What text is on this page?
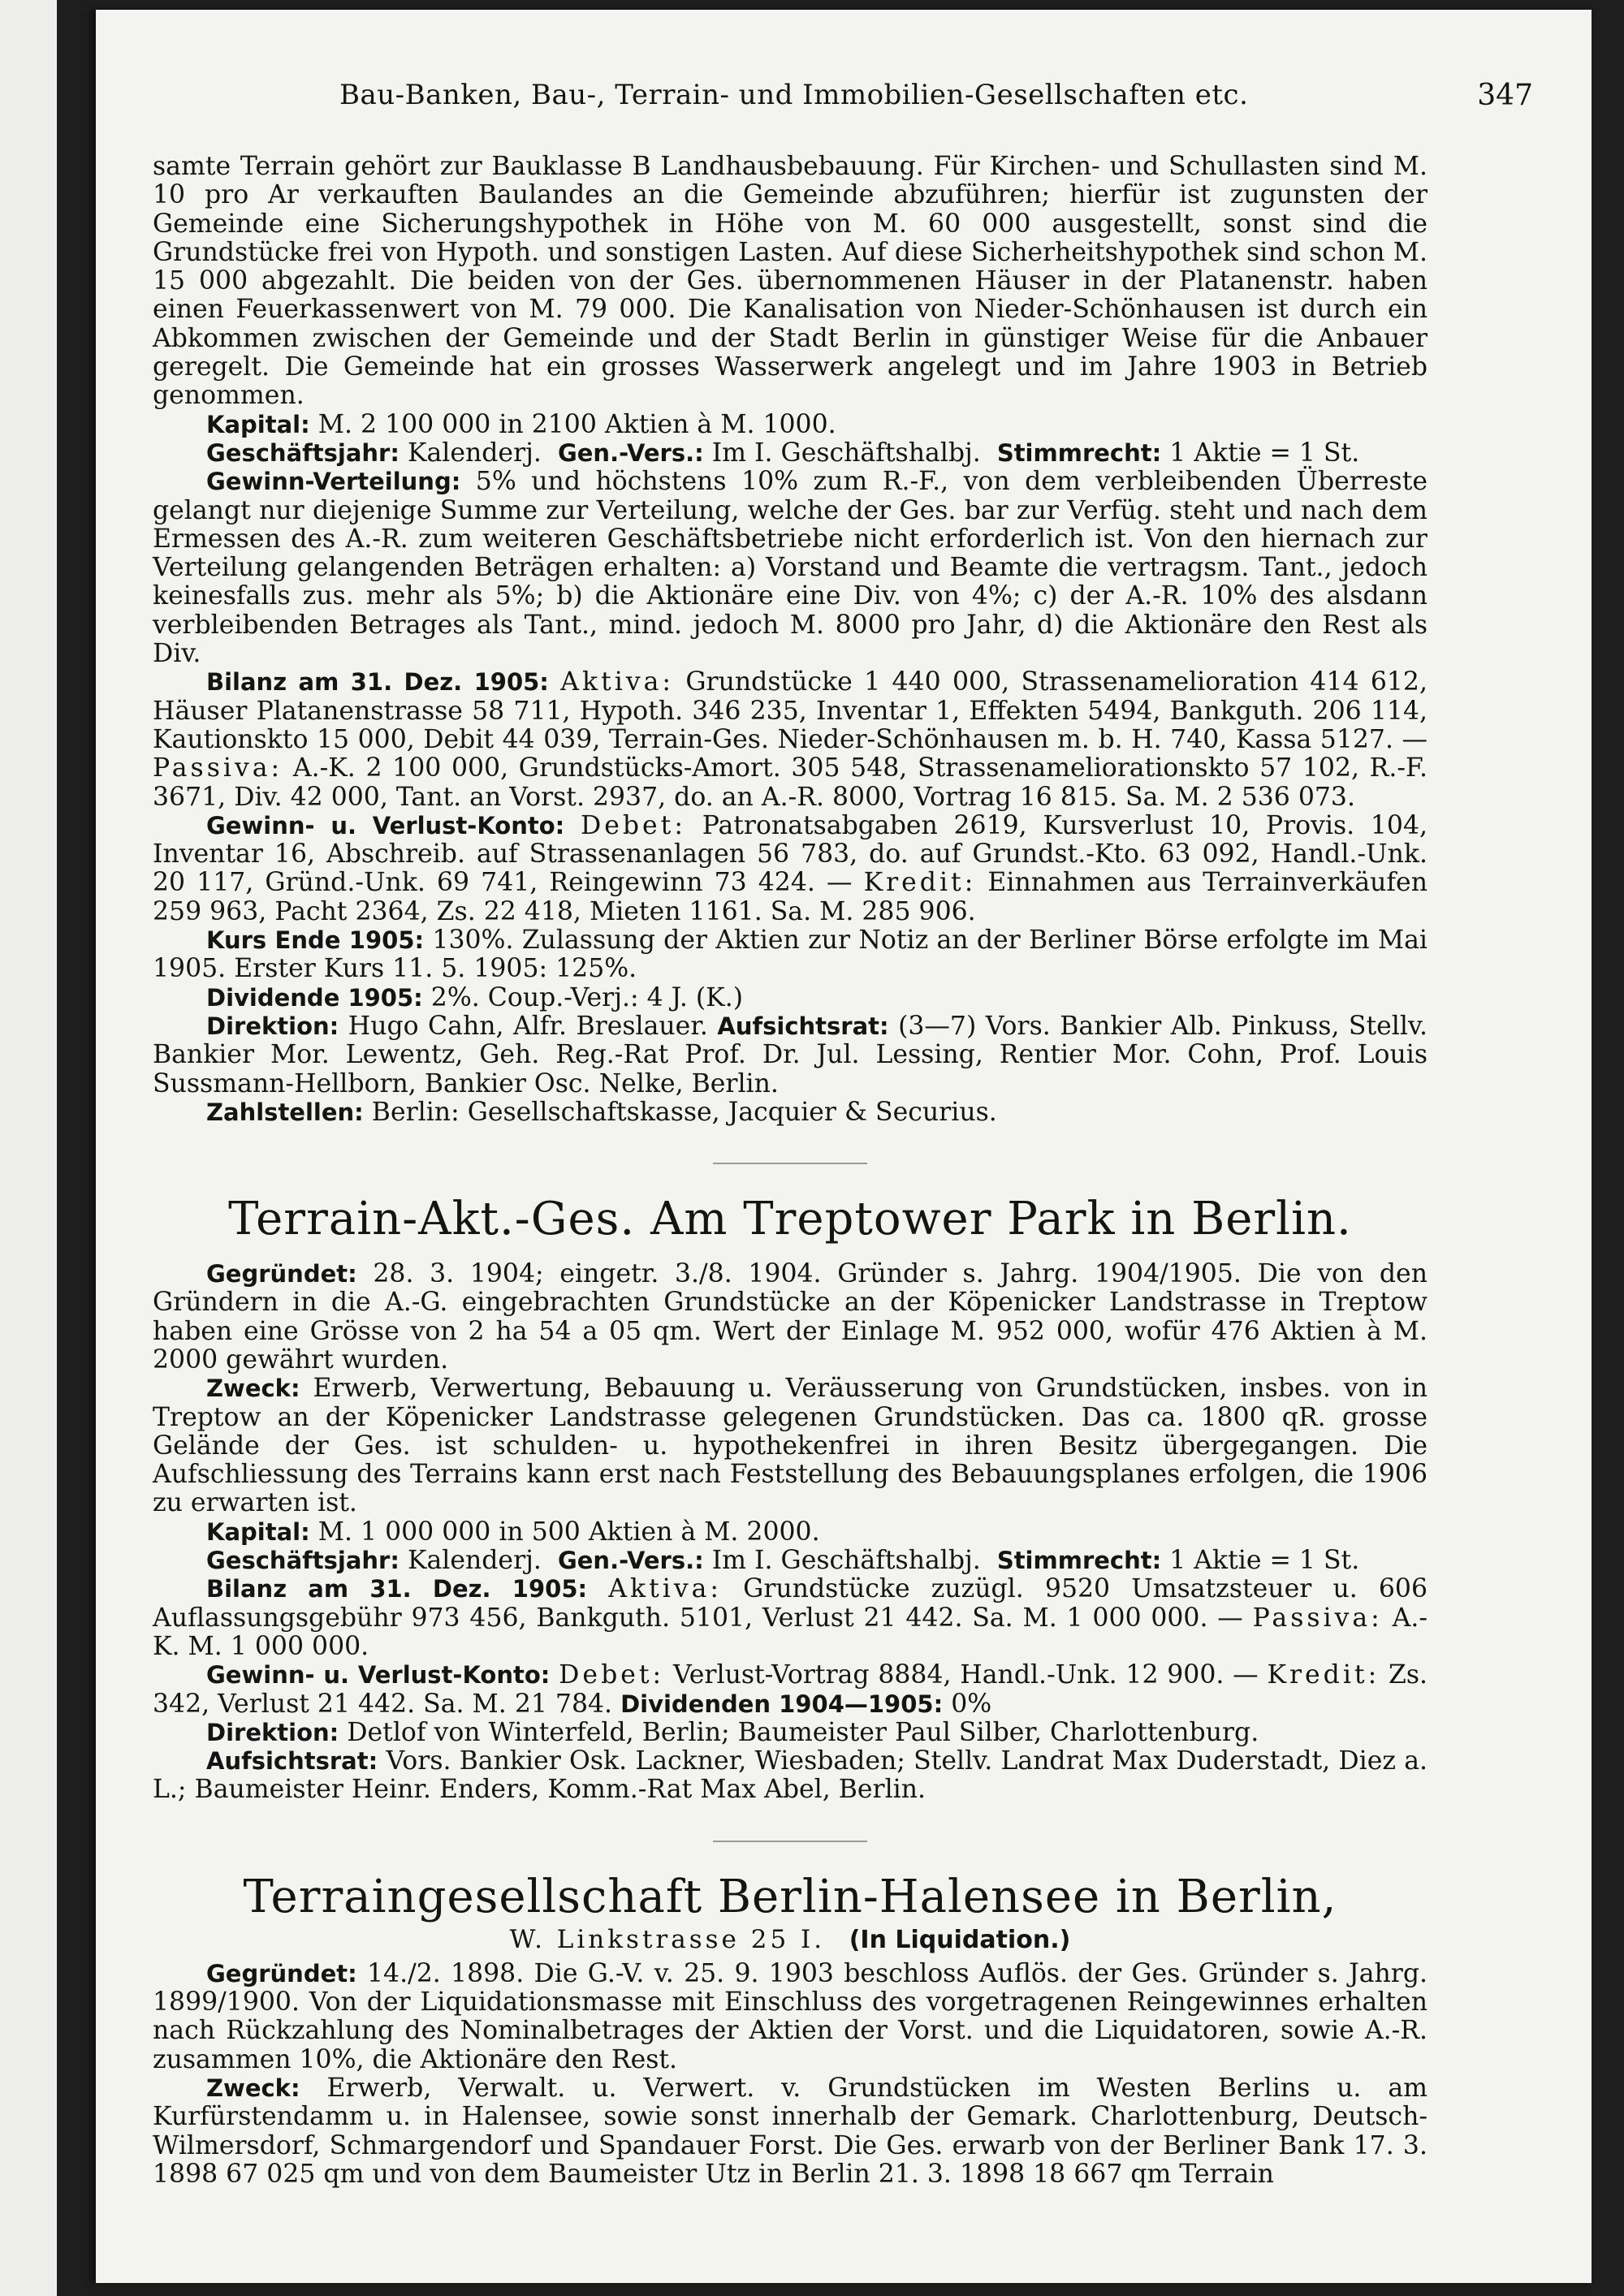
Bau-Banken, Bau-, Terrain- und Immobilien-Gesellschaften etc.	347

samte Terrain gehört zur Bauklasse B Landhausbebauung. Für Kirchen- und Schullasten sind M. 10 pro Ar verkauften Baulandes an die Gemeinde abzuführen; hierfür ist zugunsten der Gemeinde eine Sicherungshypothek in Höhe von M. 60 000 ausgestellt, sonst sind die Grundstücke frei von Hypoth. und sonstigen Lasten. Auf diese Sicherheitshypothek sind schon M. 15 000 abgezahlt. Die beiden von der Ges. übernommenen Häuser in der Platanenstr. haben einen Feuerkassenwert von M. 79 000. Die Kanalisation von Nieder-Schönhausen ist durch ein Abkommen zwischen der Gemeinde und der Stadt Berlin in günstiger Weise für die Anbauer geregelt. Die Gemeinde hat ein grosses Wasserwerk angelegt und im Jahre 1903 in Betrieb genommen.

Kapital: M. 2 100 000 in 2100 Aktien à M. 1000.

Geschäftsjahr: Kalenderj. Gen.-Vers.: Im I. Geschäftshalbj. Stimmrecht: 1 Aktie = 1 St.

Gewinn-Verteilung: 5% und höchstens 10% zum R.-F., von dem verbleibenden Überreste gelangt nur diejenige Summe zur Verteilung, welche der Ges. bar zur Verfüg. steht und nach dem Ermessen des A.-R. zum weiteren Geschäftsbetriebe nicht erforderlich ist. Von den hiernach zur Verteilung gelangenden Beträgen erhalten: a) Vorstand und Beamte die vertragsm. Tant., jedoch keinesfalls zus. mehr als 5%; b) die Aktionäre eine Div. von 4%; c) der A.-R. 10% des alsdann verbleibenden Betrages als Tant., mind. jedoch M. 8000 pro Jahr, d) die Aktionäre den Rest als Div.

Bilanz am 31. Dez. 1905: Aktiva: Grundstücke 1 440 000, Strassenamelioration 414 612, Häuser Platanenstrasse 58 711, Hypoth. 346 235, Inventar 1, Effekten 5494, Bankguth. 206 114, Kautionskto 15 000, Debit 44 039, Terrain-Ges. Nieder-Schönhausen m. b. H. 740, Kassa 5127. — Passiva: A.-K. 2 100 000, Grundstücks-Amort. 305 548, Strassenameliorationskto 57 102, R.-F. 3671, Div. 42 000, Tant. an Vorst. 2937, do. an A.-R. 8000, Vortrag 16 815. Sa. M. 2 536 073.

Gewinn- u. Verlust-Konto: Debet: Patronatsabgaben 2619, Kursverlust 10, Provis. 104, Inventar 16, Abschreib. auf Strassenanlagen 56 783, do. auf Grundst.-Kto. 63 092, Handl.-Unk. 20 117, Gründ.-Unk. 69 741, Reingewinn 73 424. — Kredit: Einnahmen aus Terrainverkäufen 259 963, Pacht 2364, Zs. 22 418, Mieten 1161. Sa. M. 285 906.

Kurs Ende 1905: 130%. Zulassung der Aktien zur Notiz an der Berliner Börse erfolgte im Mai 1905. Erster Kurs 11. 5. 1905: 125%.

Dividende 1905: 2%. Coup.-Verj.: 4 J. (K.)

Direktion: Hugo Cahn, Alfr. Breslauer. Aufsichtsrat: (3—7) Vors. Bankier Alb. Pinkuss, Stellv. Bankier Mor. Lewentz, Geh. Reg.-Rat Prof. Dr. Jul. Lessing, Rentier Mor. Cohn, Prof. Louis Sussmann-Hellborn, Bankier Osc. Nelke, Berlin.

Zahlstellen: Berlin: Gesellschaftskasse, Jacquier & Securius.

Terrain-Akt.-Ges. Am Treptower Park in Berlin.

Gegründet: 28. 3. 1904; eingetr. 3./8. 1904. Gründer s. Jahrg. 1904/1905. Die von den Gründern in die A.-G. eingebrachten Grundstücke an der Köpenicker Landstrasse in Treptow haben eine Grösse von 2 ha 54 a 05 qm. Wert der Einlage M. 952 000, wofür 476 Aktien à M. 2000 gewährt wurden.

Zweck: Erwerb, Verwertung, Bebauung u. Veräusserung von Grundstücken, insbes. von in Treptow an der Köpenicker Landstrasse gelegenen Grundstücken. Das ca. 1800 qR. grosse Gelände der Ges. ist schulden- u. hypothekenfrei in ihren Besitz übergegangen. Die Aufschliessung des Terrains kann erst nach Feststellung des Bebauungsplanes erfolgen, die 1906 zu erwarten ist.

Kapital: M. 1 000 000 in 500 Aktien à M. 2000.

Geschäftsjahr: Kalenderj. Gen.-Vers.: Im I. Geschäftshalbj. Stimmrecht: 1 Aktie = 1 St.

Bilanz am 31. Dez. 1905: Aktiva: Grundstücke zuzügl. 9520 Umsatzsteuer u. 606 Auflassungsgebühr 973 456, Bankguth. 5101, Verlust 21 442. Sa. M. 1 000 000. — Passiva: A.-K. M. 1 000 000.

Gewinn- u. Verlust-Konto: Debet: Verlust-Vortrag 8884, Handl.-Unk. 12 900. — Kredit: Zs. 342, Verlust 21 442. Sa. M. 21 784. Dividenden 1904—1905: 0%

Direktion: Detlof von Winterfeld, Berlin; Baumeister Paul Silber, Charlottenburg.

Aufsichtsrat: Vors. Bankier Osk. Lackner, Wiesbaden; Stellv. Landrat Max Duderstadt, Diez a. L.; Baumeister Heinr. Enders, Komm.-Rat Max Abel, Berlin.

Terraingesellschaft Berlin-Halensee in Berlin,
W. Linkstrasse 25 I. (In Liquidation.)

Gegründet: 14./2. 1898. Die G.-V. v. 25. 9. 1903 beschloss Auflös. der Ges. Gründer s. Jahrg. 1899/1900. Von der Liquidationsmasse mit Einschluss des vorgetragenen Reingewinnes erhalten nach Rückzahlung des Nominalbetrages der Aktien der Vorst. und die Liquidatoren, sowie A.-R. zusammen 10%, die Aktionäre den Rest.

Zweck: Erwerb, Verwalt. u. Verwert. v. Grundstücken im Westen Berlins u. am Kurfürstendamm u. in Halensee, sowie sonst innerhalb der Gemark. Charlottenburg, Deutsch-Wilmersdorf, Schmargendorf und Spandauer Forst. Die Ges. erwarb von der Berliner Bank 17. 3. 1898 67 025 qm und von dem Baumeister Utz in Berlin 21. 3. 1898 18 667 qm Terrain
